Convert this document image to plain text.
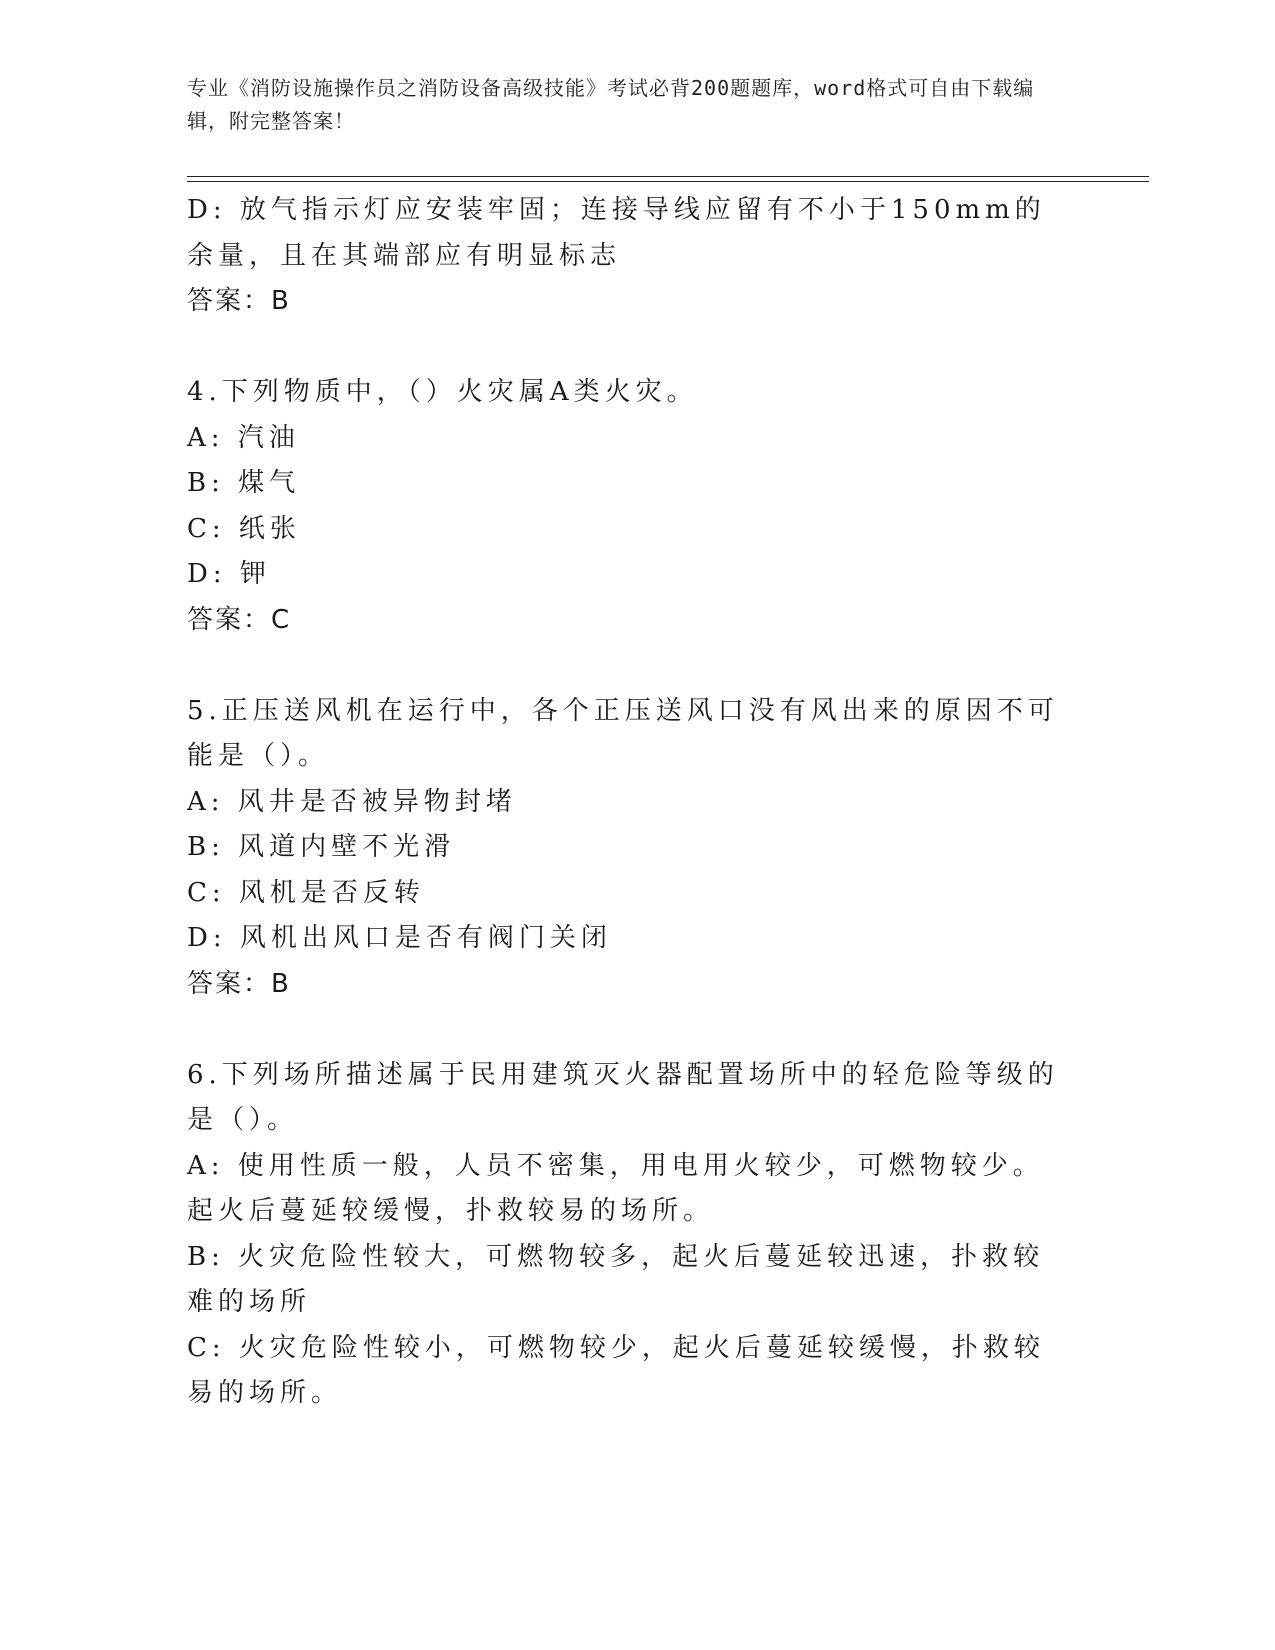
专业《消防设施操作员之消防设备高级技能》考试必背200题题库，word格式可自由下载编辑，附完整答案！
D: 放气指示灯应安装牢固；连接导线应留有不小于150mm的余量，且在其端部应有明显标志
答案：B
4.下列物质中，（）火灾属A类火灾。
A: 汽油
B: 煤气
C: 纸张
D: 钾
答案：C
5.正压送风机在运行中，各个正压送风口没有风出来的原因不可能是（）。
A: 风井是否被异物封堵
B: 风道内壁不光滑
C: 风机是否反转
D: 风机出风口是否有阀门关闭
答案：B
6.下列场所描述属于民用建筑灭火器配置场所中的轻危险等级的是（）。
A: 使用性质一般，人员不密集，用电用火较少，可燃物较少。起火后蔓延较缓慢，扑救较易的场所。
B: 火灾危险性较大，可燃物较多，起火后蔓延较迅速，扑救较难的场所
C: 火灾危险性较小，可燃物较少，起火后蔓延较缓慢，扑救较易的场所。
